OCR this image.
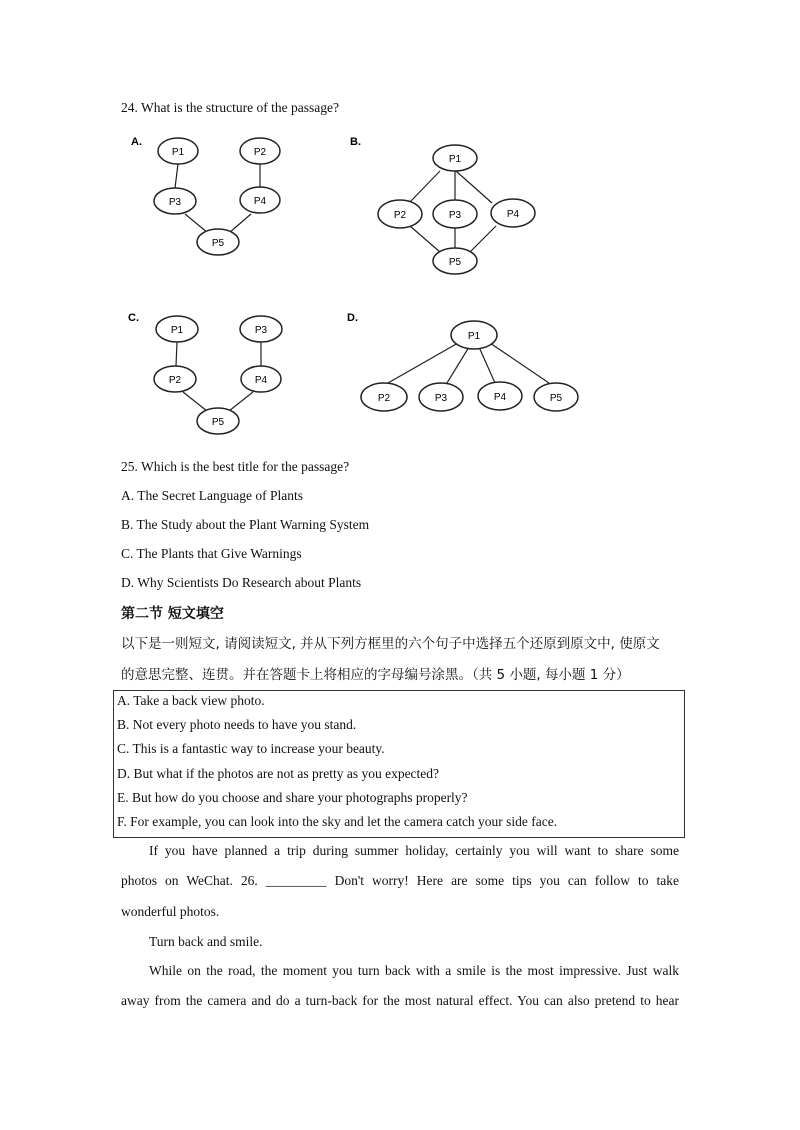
24. What is the structure of the passage?
A.
P1	P2
P3	P4
P5
B.
P1
P2	P3	P4
P5
C.
P1	P3
P2	P4
P5
D.
P1
P2	P3	P4	P5
25. Which is the best title for the passage?
A. The Secret Language of Plants
B. The Study about the Plant Warning System
C. The Plants that Give Warnings
D. Why Scientists Do Research about Plants
第二节 短文填空
以下是一则短文, 请阅读短文, 并从下列方框里的六个句子中选择五个还原到原文中, 使原文
的意思完整、连贯。并在答题卡上将相应的字母编号涂黑。（共 5 小题, 每小题 1 分）
A. Take a back view photo.
B. Not every photo needs to have you stand.
C. This is a fantastic way to increase your beauty.
D. But what if the photos are not as pretty as you expected?
E. But how do you choose and share your photographs properly?
F. For example, you can look into the sky and let the camera catch your side face.
If you have planned a trip during summer holiday, certainly you will want to share some
photos on WeChat. 26. _________ Don't worry! Here are some tips you can follow to take
wonderful photos.
Turn back and smile.
While on the road, the moment you turn back with a smile is the most impressive. Just walk
away from the camera and do a turn-back for the most natural effect. You can also pretend to hear
